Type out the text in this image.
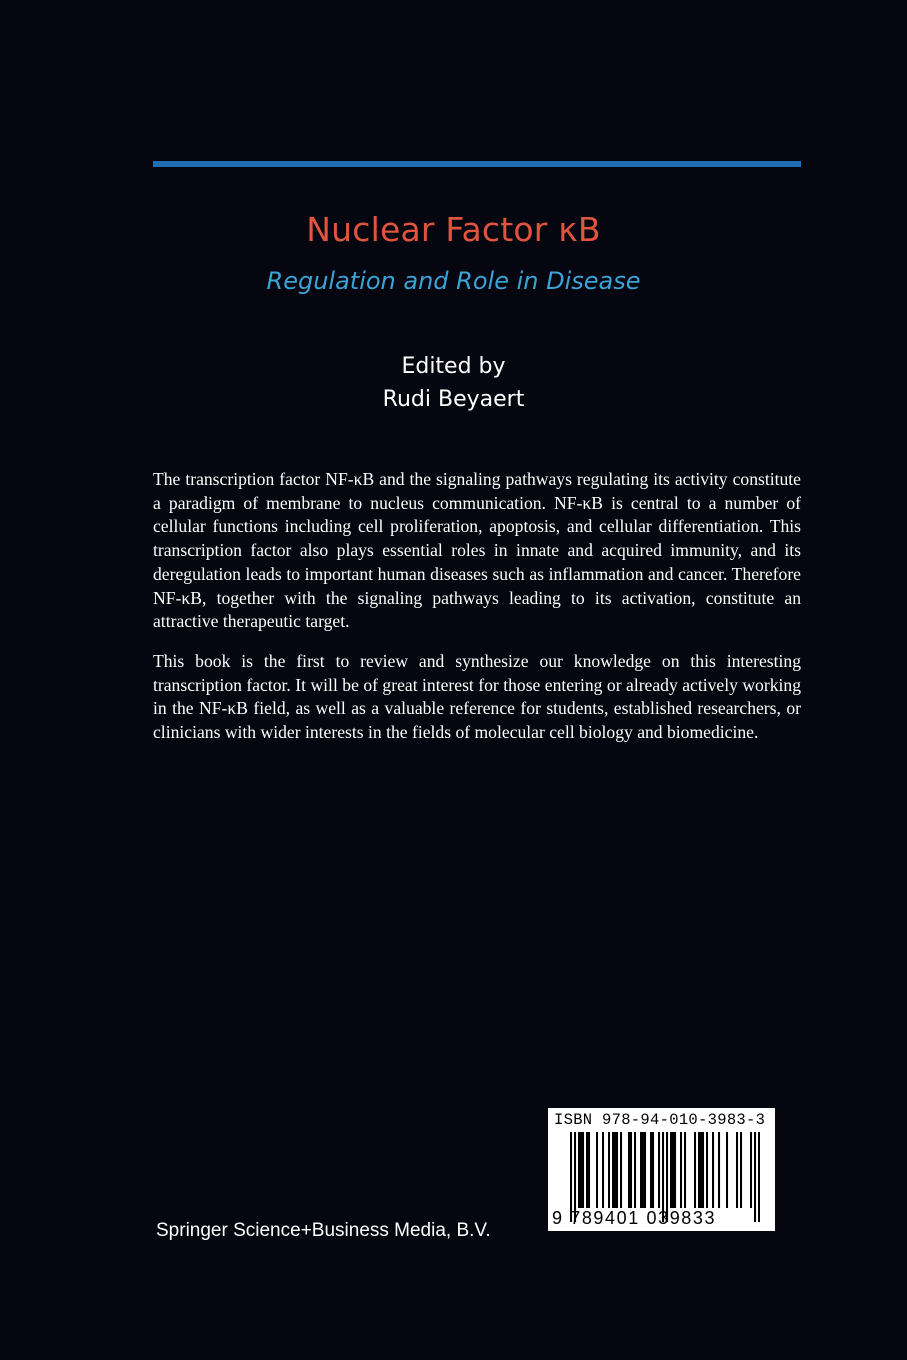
Nuclear Factor κB
Regulation and Role in Disease
Edited by
Rudi Beyaert

The transcription factor NF-κB and the signaling pathways regulating its activity constitute a paradigm of membrane to nucleus communication. NF-κB is central to a number of cellular functions including cell proliferation, apoptosis, and cellular differentiation. This transcription factor also plays essential roles in innate and acquired immunity, and its deregulation leads to important human diseases such as inflammation and cancer. Therefore NF-κB, together with the signaling pathways leading to its activation, constitute an attractive therapeutic target.

This book is the first to review and synthesize our knowledge on this interesting transcription factor. It will be of great interest for those entering or already actively working in the NF-κB field, as well as a valuable reference for students, established researchers, or clinicians with wider interests in the fields of molecular cell biology and biomedicine.

Springer Science+Business Media, B.V.
ISBN 978-94-010-3983-3
9 789401 039833
